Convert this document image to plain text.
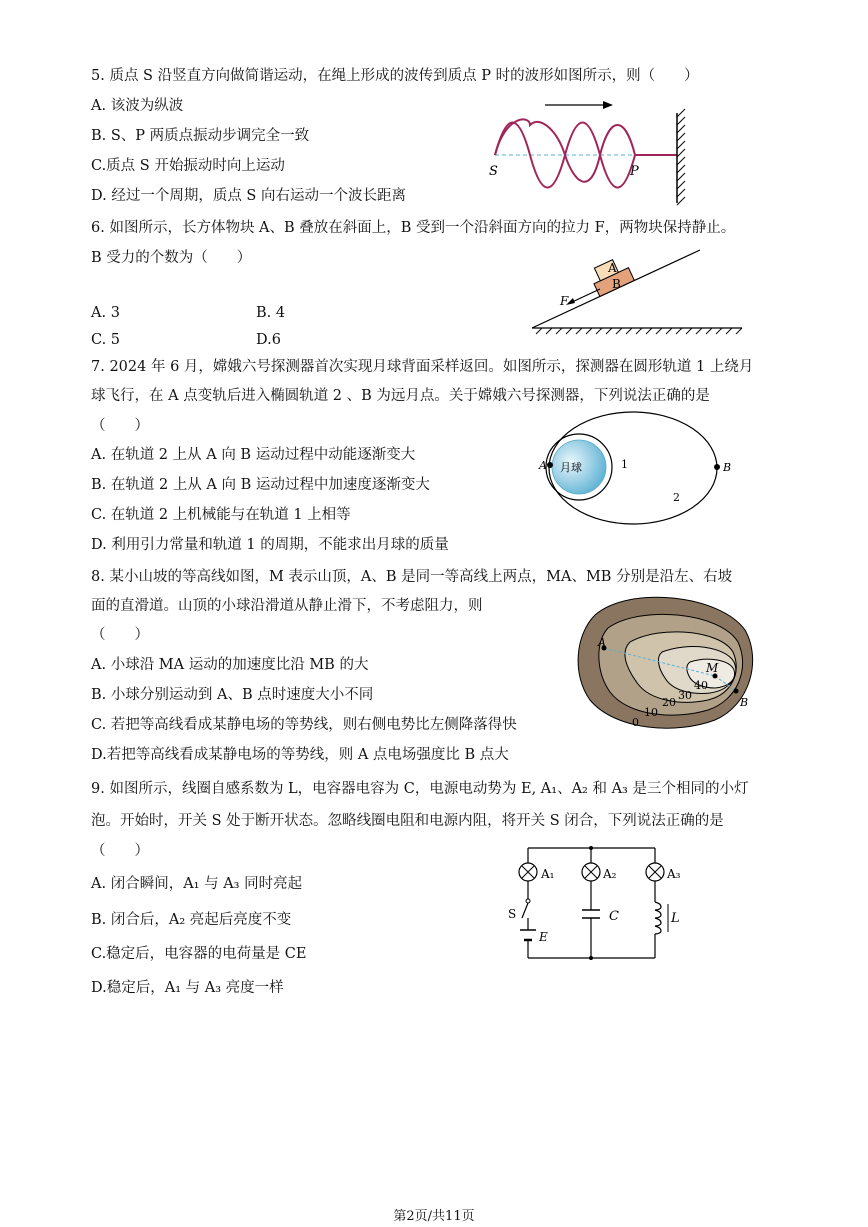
5. 质点 S 沿竖直方向做简谐运动，在绳上形成的波传到质点 P 时的波形如图所示，则（　　）
A. 该波为纵波
B. S、P 两质点振动步调完全一致
C.质点 S 开始振动时向上运动
D. 经过一个周期，质点 S 向右运动一个波长距离
S	P
6. 如图所示，长方体物块 A、B 叠放在斜面上，B 受到一个沿斜面方向的拉力 F，两物块保持静止。
B 受力的个数为（　　）
A. 3	B. 4
C. 5	D.6
A
B
F
7. 2024 年 6 月，嫦娥六号探测器首次实现月球背面采样返回。如图所示，探测器在圆形轨道 1 上绕月
球飞行，在 A 点变轨后进入椭圆轨道 2 、B 为远月点。关于嫦娥六号探测器，下列说法正确的是
（　　）
A. 在轨道 2 上从 A 向 B 运动过程中动能逐渐变大
B. 在轨道 2 上从 A 向 B 运动过程中加速度逐渐变大
C. 在轨道 2 上机械能与在轨道 1 上相等
D. 利用引力常量和轨道 1 的周期，不能求出月球的质量
A 月球	1
2
B
8. 某小山坡的等高线如图，M 表示山顶，A、B 是同一等高线上两点，MA、MB 分别是沿左、右坡
面的直滑道。山顶的小球沿滑道从静止滑下，不考虑阻力，则
（　　）
A. 小球沿 MA 运动的加速度比沿 MB 的大
B. 小球分别运动到 A、B 点时速度大小不同
C. 若把等高线看成某静电场的等势线，则右侧电势比左侧降落得快
D.若把等高线看成某静电场的等势线，则 A 点电场强度比 B 点大
A
M
B
40
30
20
10
0
9. 如图所示，线圈自感系数为 L，电容器电容为 C，电源电动势为 E, A₁、A₂ 和 A₃ 是三个相同的小灯
泡。开始时，开关 S 处于断开状态。忽略线圈电阻和电源内阻，将开关 S 闭合，下列说法正确的是
（　　）
A. 闭合瞬间，A₁ 与 A₃ 同时亮起
B. 闭合后，A₂ 亮起后亮度不变
C.稳定后，电容器的电荷量是 CE
D.稳定后，A₁ 与 A₃ 亮度一样
A₁	A₂	A₃
S	C	L
E
第2页/共11页
